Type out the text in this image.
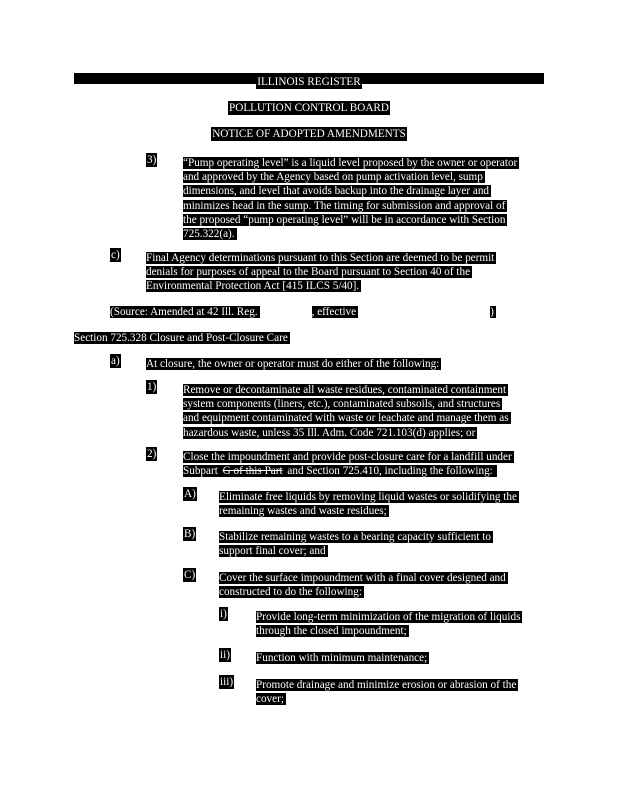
ILLINOIS REGISTER
POLLUTION CONTROL BOARD
NOTICE OF ADOPTED AMENDMENTS
3) “Pump operating level” is a liquid level proposed by the owner or operator
and approved by the Agency based on pump activation level, sump
dimensions, and level that avoids backup into the drainage layer and
minimizes head in the sump. The timing for submission and approval of
the proposed “pump operating level” will be in accordance with Section
725.322(a).
c) Final Agency determinations pursuant to this Section are deemed to be permit
denials for purposes of appeal to the Board pursuant to Section 40 of the
Environmental Protection Act [415 ILCS 5/40].
(Source: Amended at 42 Ill. Reg.	, effective	)
Section 725.328 Closure and Post-Closure Care
a) At closure, the owner or operator must do either of the following:
1) Remove or decontaminate all waste residues, contaminated containment
system components (liners, etc.), contaminated subsoils, and structures
and equipment contaminated with waste or leachate and manage them as
hazardous waste, unless 35 Ill. Adm. Code 721.103(d) applies; or
2) Close the impoundment and provide post-closure care for a landfill under
Subpart G of this Part and Section 725.410, including the following:
A) Eliminate free liquids by removing liquid wastes or solidifying the
remaining wastes and waste residues;
B) Stabilize remaining wastes to a bearing capacity sufficient to
support final cover; and
C) Cover the surface impoundment with a final cover designed and
constructed to do the following:
i)	Provide long-term minimization of the migration of liquids
through the closed impoundment;
ii) Function with minimum maintenance;
iii) Promote drainage and minimize erosion or abrasion of the
cover;
